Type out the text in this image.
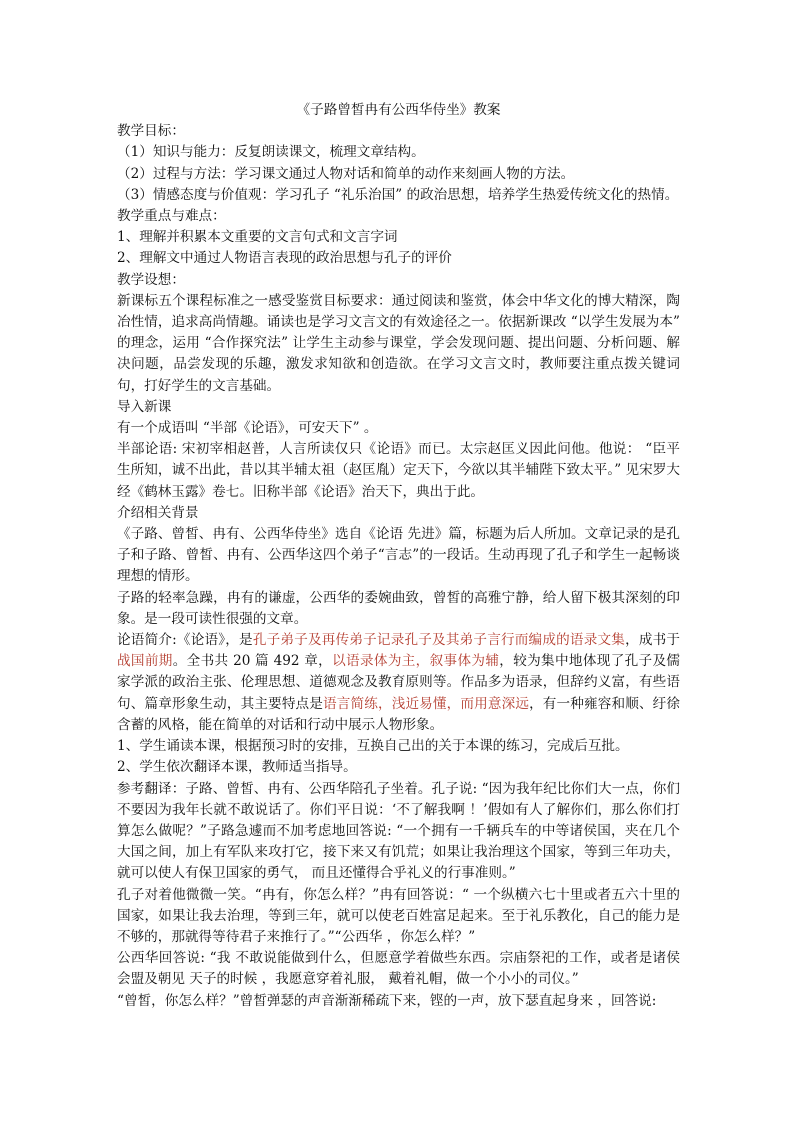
《子路曾皙冉有公西华侍坐》教案

教学目标：

（1）知识与能力：反复朗读课文，梳理文章结构。

（2）过程与方法：学习课文通过人物对话和简单的动作来刻画人物的方法。

（3）情感态度与价值观：学习孔子 “礼乐治国” 的政治思想，培养学生热爱传统文化的热情。

教学重点与难点：

1、理解并积累本文重要的文言句式和文言字词

2、理解文中通过人物语言表现的政治思想与孔子的评价

教学设想：

新课标五个课程标准之一感受鉴赏目标要求：通过阅读和鉴赏，体会中华文化的博大精深，陶冶性情，追求高尚情趣。诵读也是学习文言文的有效途径之一。依据新课改 “以学生发展为本” 的理念，运用 “合作探究法” 让学生主动参与课堂，学会发现问题、提出问题、分析问题、解决问题，品尝发现的乐趣，激发求知欲和创造欲。在学习文言文时，教师要注重点拨关键词句，打好学生的文言基础。

导入新课

有一个成语叫 “半部《论语》，可安天下” 。

半部论语: 宋初宰相赵普，人言所读仅只《论语》而已。太宗赵匡义因此问他。他说： “臣平生所知，诚不出此，昔以其半辅太祖（赵匡胤）定天下，今欲以其半辅陛下致太平。” 见宋罗大经《鹤林玉露》卷七。旧称半部《论语》治天下，典出于此。

介绍相关背景

《子路、曾皙、冉有、公西华侍坐》选自《论语 先进》篇，标题为后人所加。文章记录的是孔子和子路、曾皙、冉有、公西华这四个弟子“言志”的一段话。生动再现了孔子和学生一起畅谈理想的情形。

子路的轻率急躁，冉有的谦虚，公西华的委婉曲致，曾皙的高雅宁静，给人留下极其深刻的印象。是一段可读性很强的文章。

论语简介:《论语》，是孔子弟子及再传弟子记录孔子及其弟子言行而编成的语录文集，成书于战国前期。全书共 20 篇 492 章，以语录体为主，叙事体为辅，较为集中地体现了孔子及儒家学派的政治主张、伦理思想、道德观念及教育原则等。作品多为语录，但辞约义富，有些语句、篇章形象生动，其主要特点是语言简练，浅近易懂，而用意深远，有一种雍容和顺、纡徐含蓄的风格，能在简单的对话和行动中展示人物形象。

1、学生诵读本课，根据预习时的安排，互换自己出的关于本课的练习，完成后互批。

2、学生依次翻译本课，教师适当指导。

参考翻译：子路、曾皙、冉有、公西华陪孔子坐着。孔子说: “因为我年纪比你们大一点，你们不要因为我年长就不敢说话了。你们平日说：‘不了解我啊 ！’假如有人了解你们，那么你们打算怎么做呢？”子路急遽而不加考虑地回答说: “一个拥有一千辆兵车的中等诸侯国，夹在几个大国之间，加上有军队来攻打它，接下来又有饥荒；如果让我治理这个国家，等到三年功夫，就可以使人有保卫国家的勇气， 而且还懂得合乎礼义的行事准则。”

孔子对着他微微一笑。“冉有，你怎么样？”冉有回答说：“ 一个纵横六七十里或者五六十里的国家，如果让我去治理，等到三年，就可以使老百姓富足起来。至于礼乐教化，自己的能力是不够的，那就得等待君子来推行了。”“公西华 ，你怎么样？”

公西华回答说: “我 不敢说能做到什么，但愿意学着做些东西。宗庙祭祀的工作，或者是诸侯会盟及朝见 天子的时候 ，我愿意穿着礼服， 戴着礼帽，做一个小小的司仪。”

“曾皙，你怎么样？”曾皙弹瑟的声音渐渐稀疏下来，铿的一声，放下瑟直起身来 ，回答说:
